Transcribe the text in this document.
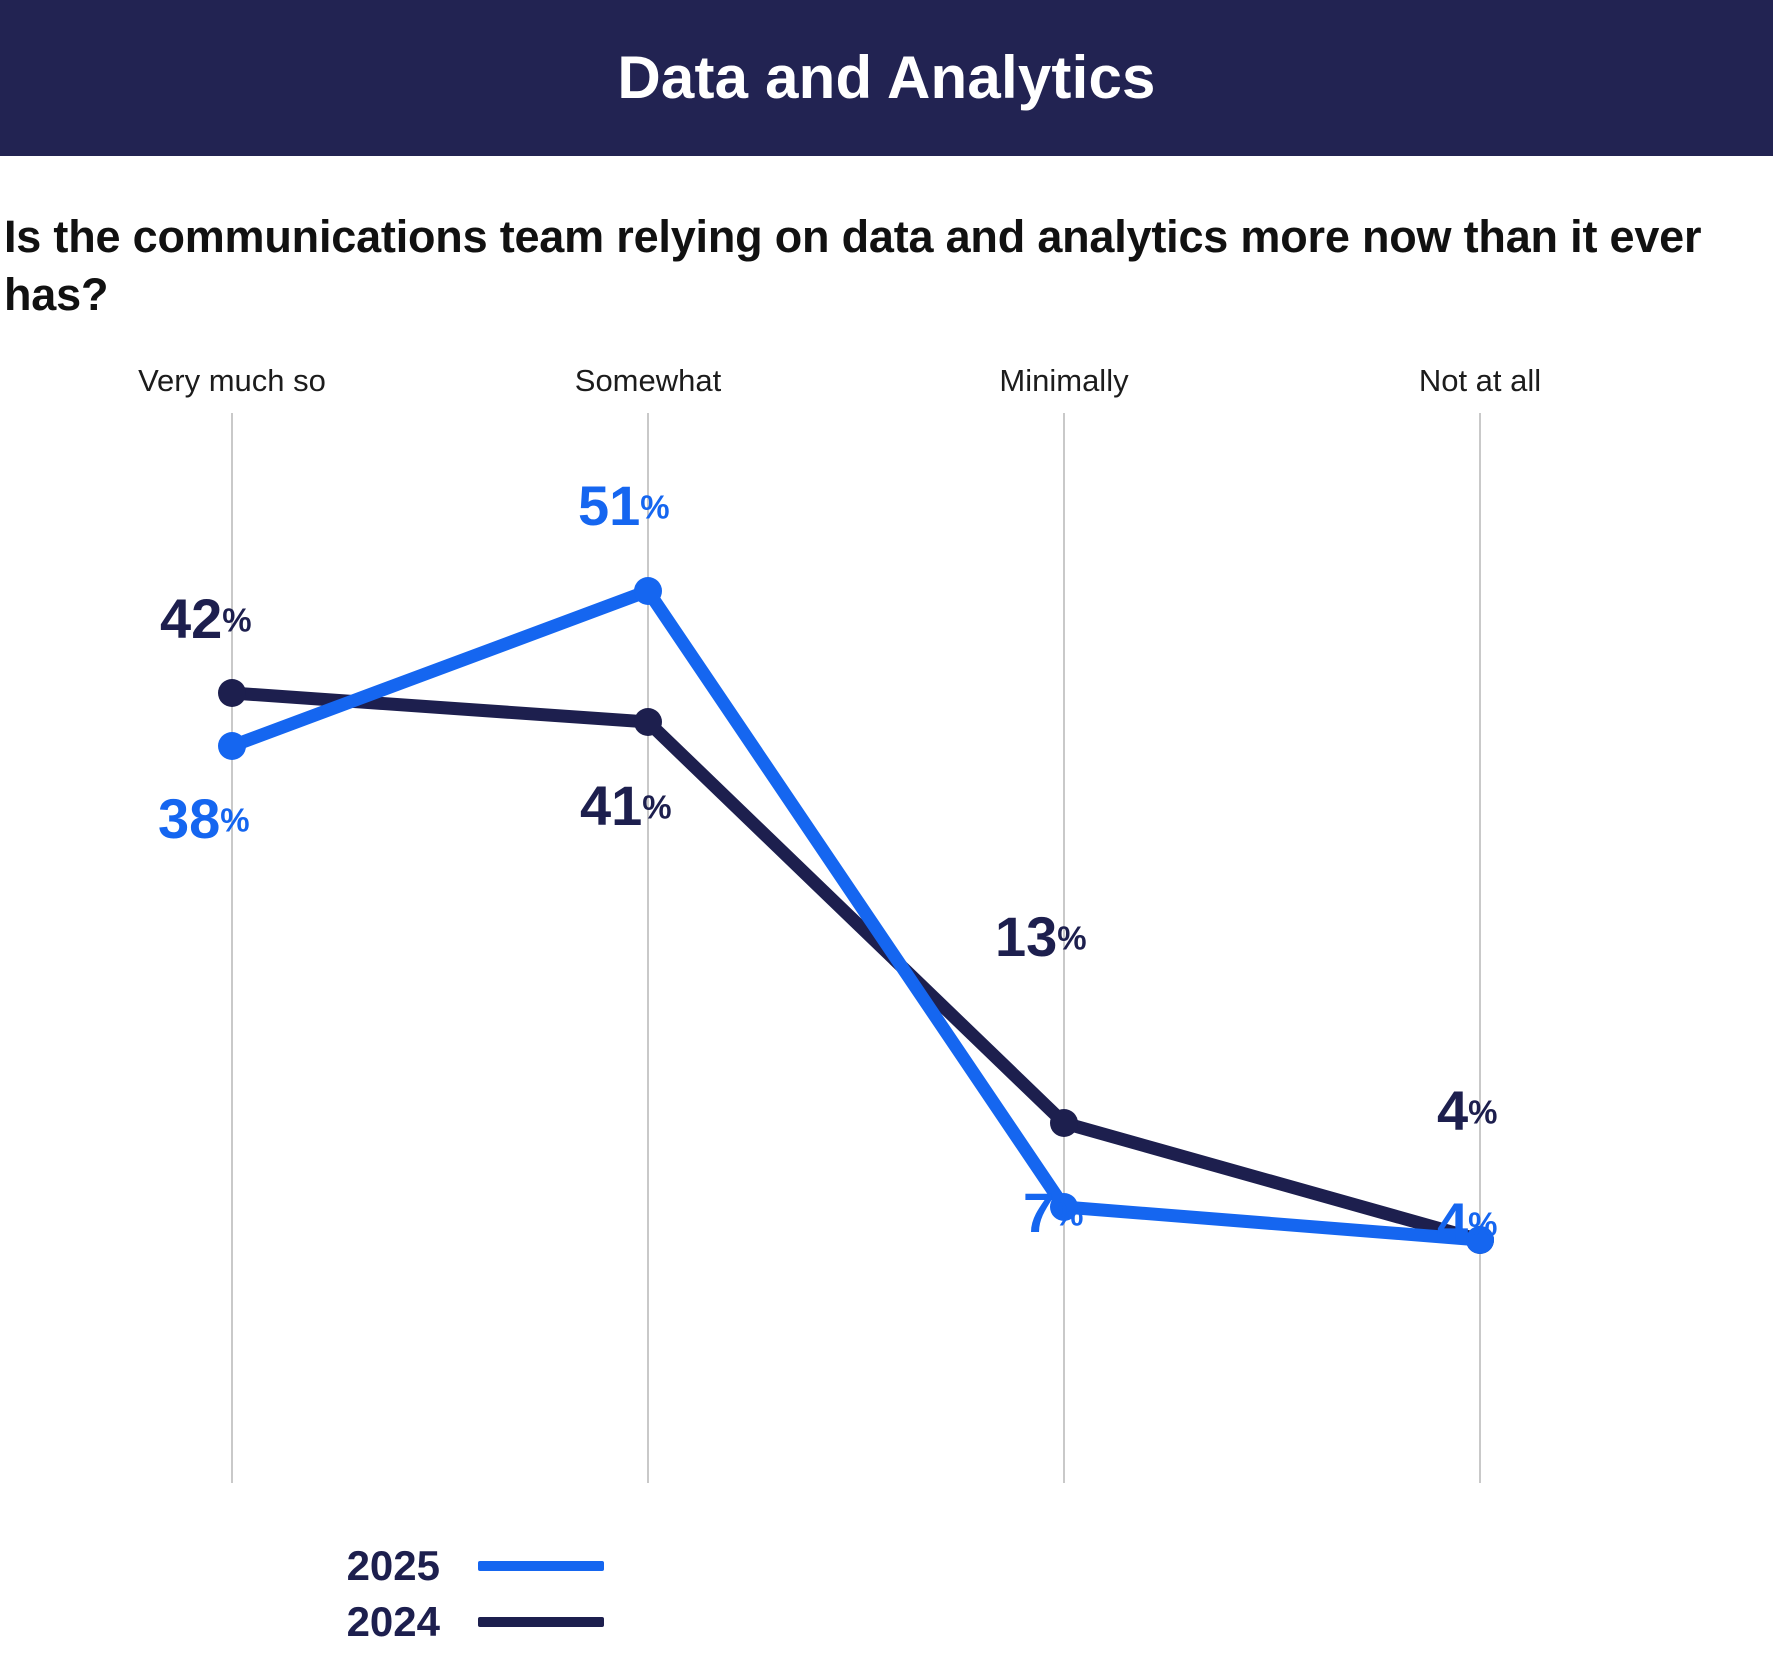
Data and Analytics
Is the communications team relying on data and analytics more now than it ever has?
Very much so	Somewhat	Minimally	Not at all
42%
41%
13%
4%
38%
51%
7%	4%
2025
2024
